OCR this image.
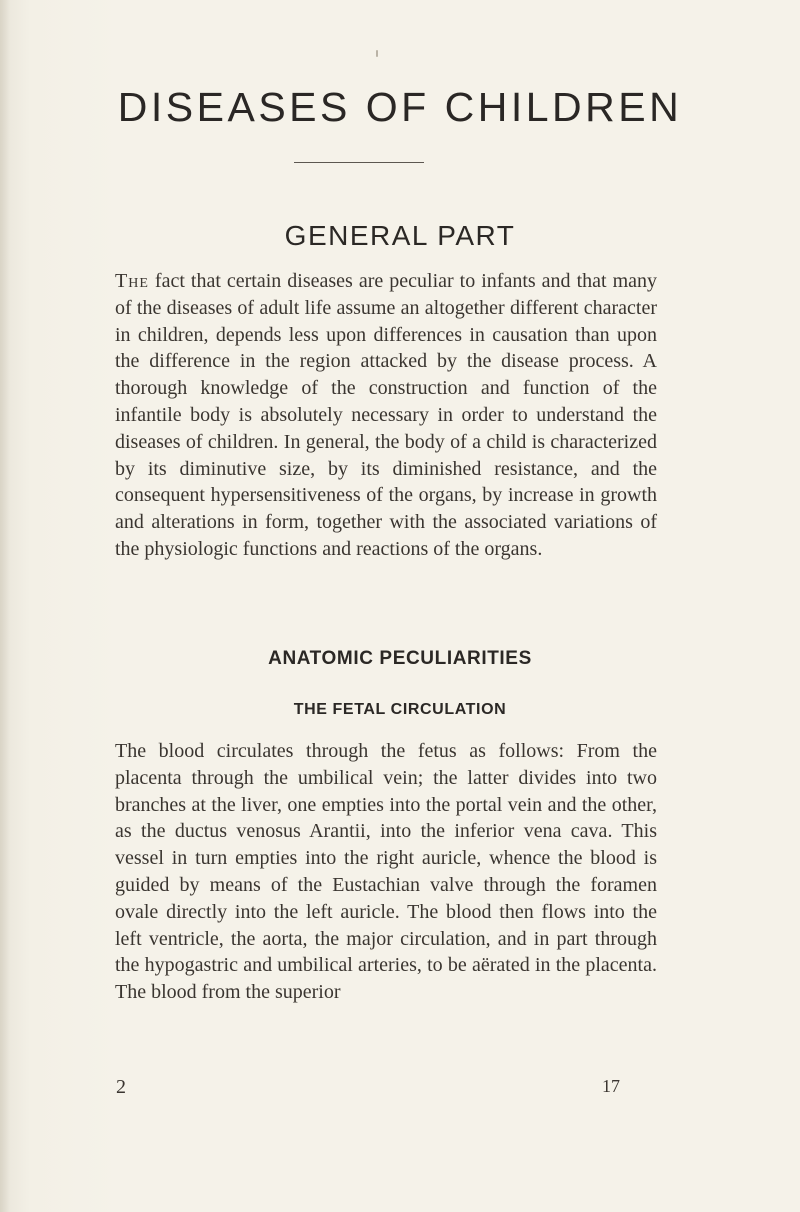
DISEASES OF CHILDREN
GENERAL PART

The fact that certain diseases are peculiar to infants and that many of the diseases of adult life assume an altogether different character in children, depends less upon differences in causation than upon the difference in the region attacked by the disease process. A thorough knowledge of the construction and function of the infantile body is absolutely necessary in order to understand the diseases of children. In general, the body of a child is characterized by its diminutive size, by its diminished resistance, and the consequent hypersensitiveness of the organs, by increase in growth and alterations in form, together with the associated variations of the physiologic functions and reactions of the organs.

ANATOMIC PECULIARITIES
THE FETAL CIRCULATION

The blood circulates through the fetus as follows: From the placenta through the umbilical vein; the latter divides into two branches at the liver, one empties into the portal vein and the other, as the ductus venosus Arantii, into the inferior vena cava. This vessel in turn empties into the right auricle, whence the blood is guided by means of the Eustachian valve through the foramen ovale directly into the left auricle. The blood then flows into the left ventricle, the aorta, the major circulation, and in part through the hypogastric and umbilical arteries, to be aërated in the placenta. The blood from the superior

2	17
